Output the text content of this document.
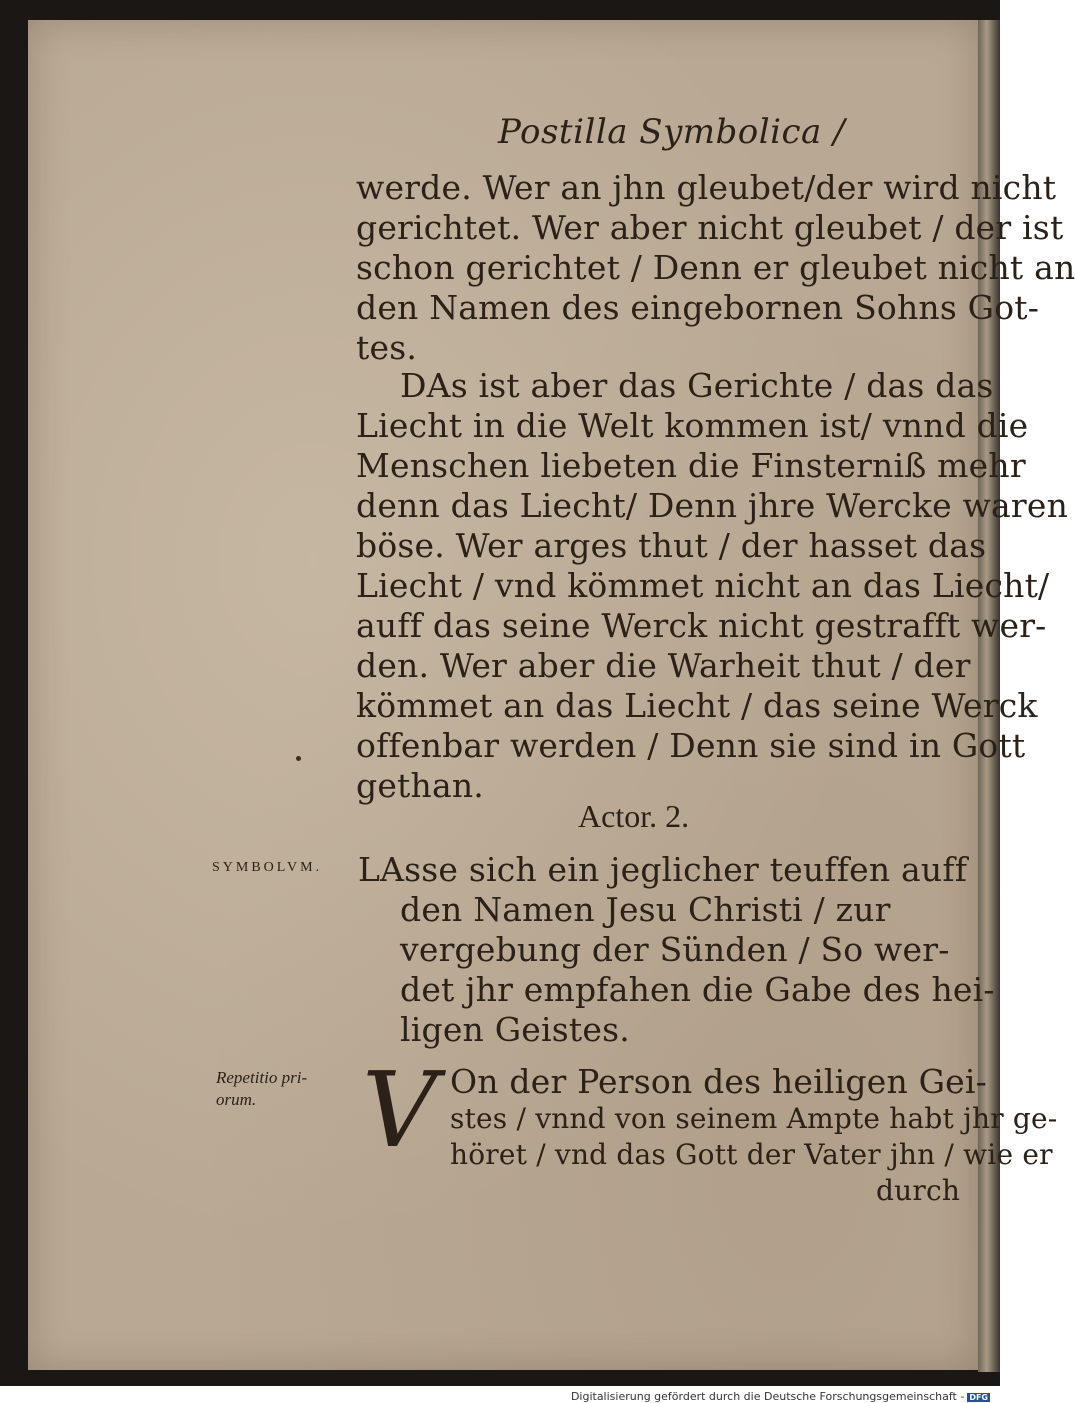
Postilla Symbolica /
werde. Wer an jhn gleubet/der wird nicht
gerichtet. Wer aber nicht gleubet / der ist
schon gerichtet / Denn er gleubet nicht an
den Namen des eingebornen Sohns Got-
tes.
DAs ist aber das Gerichte / das das
Liecht in die Welt kommen ist/ vnnd die
Menschen liebeten die Finsterniß mehr
denn das Liecht/ Denn jhre Wercke waren
böse. Wer arges thut / der hasset das
Liecht / vnd kömmet nicht an das Liecht/
auff das seine Werck nicht gestrafft wer-
den. Wer aber die Warheit thut / der
kömmet an das Liecht / das seine Werck
offenbar werden / Denn sie sind in Gott
gethan.
Actor. 2.
SYMBOLVM. LAsse sich ein jeglicher teuffen auff
den Namen Jesu Christi / zur
vergebung der Sünden / So wer-
det jhr empfahen die Gabe des hei-
ligen Geistes.
Repetitio pri-
orum. V On der Person des heiligen Gei-
stes / vnnd von seinem Ampte habt jhr ge-
höret / vnd das Gott der Vater jhn / wie er
durch
Digitalisierung gefördert durch die Deutsche Forschungsgemeinschaft - DFG
